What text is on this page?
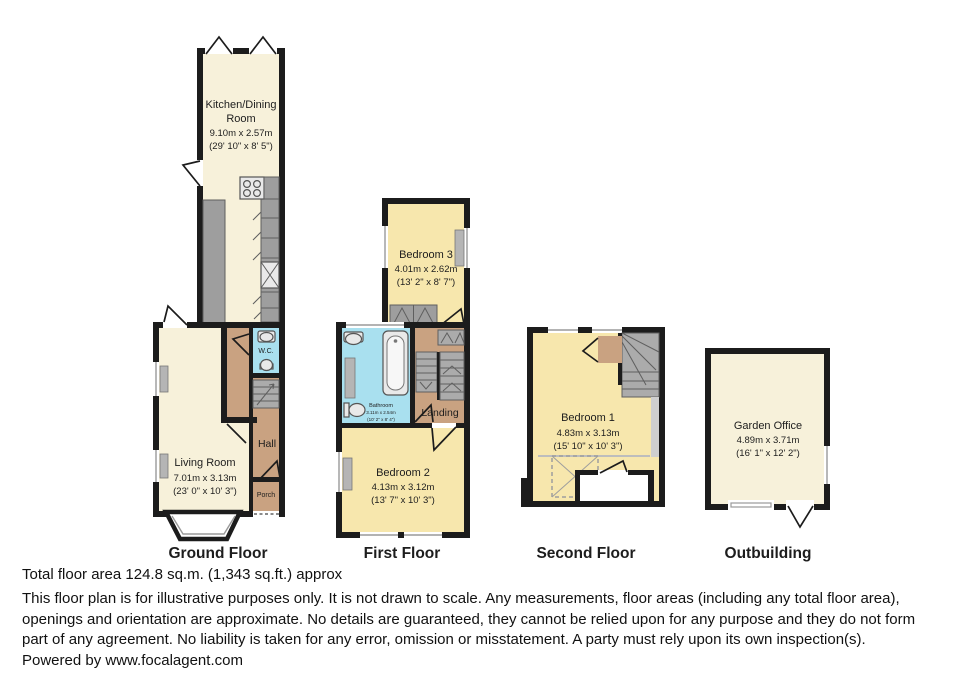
Kitchen/Dining
Room
9.10m x 2.57m
(29' 10" x 8' 5")
W.C.
Porch
Hall
Living Room
7.01m x 3.13m
(23' 0" x 10' 3")
Bedroom 3
4.01m x 2.62m
(13' 2" x 8' 7")
Bathroom
3.11m x 2.54m
(10' 2" x 8' 4")
Landing
Bedroom 2
4.13m x 3.12m
(13' 7" x 10' 3")
Bedroom 1
4.83m x 3.13m
(15' 10" x 10' 3")
Garden Office
4.89m x 3.71m
(16' 1" x 12' 2")
Ground Floor	First Floor	Second Floor	Outbuilding
Total floor area 124.8 sq.m. (1,343 sq.ft.) approx
This floor plan is for illustrative purposes only. It is not drawn to scale. Any measurements, floor areas (including any total floor area),
openings and orientation are approximate. No details are guaranteed, they cannot be relied upon for any purpose and they do not form
part of any agreement. No liability is taken for any error, omission or misstatement. A party must rely upon its own inspection(s).
Powered by www.focalagent.com
